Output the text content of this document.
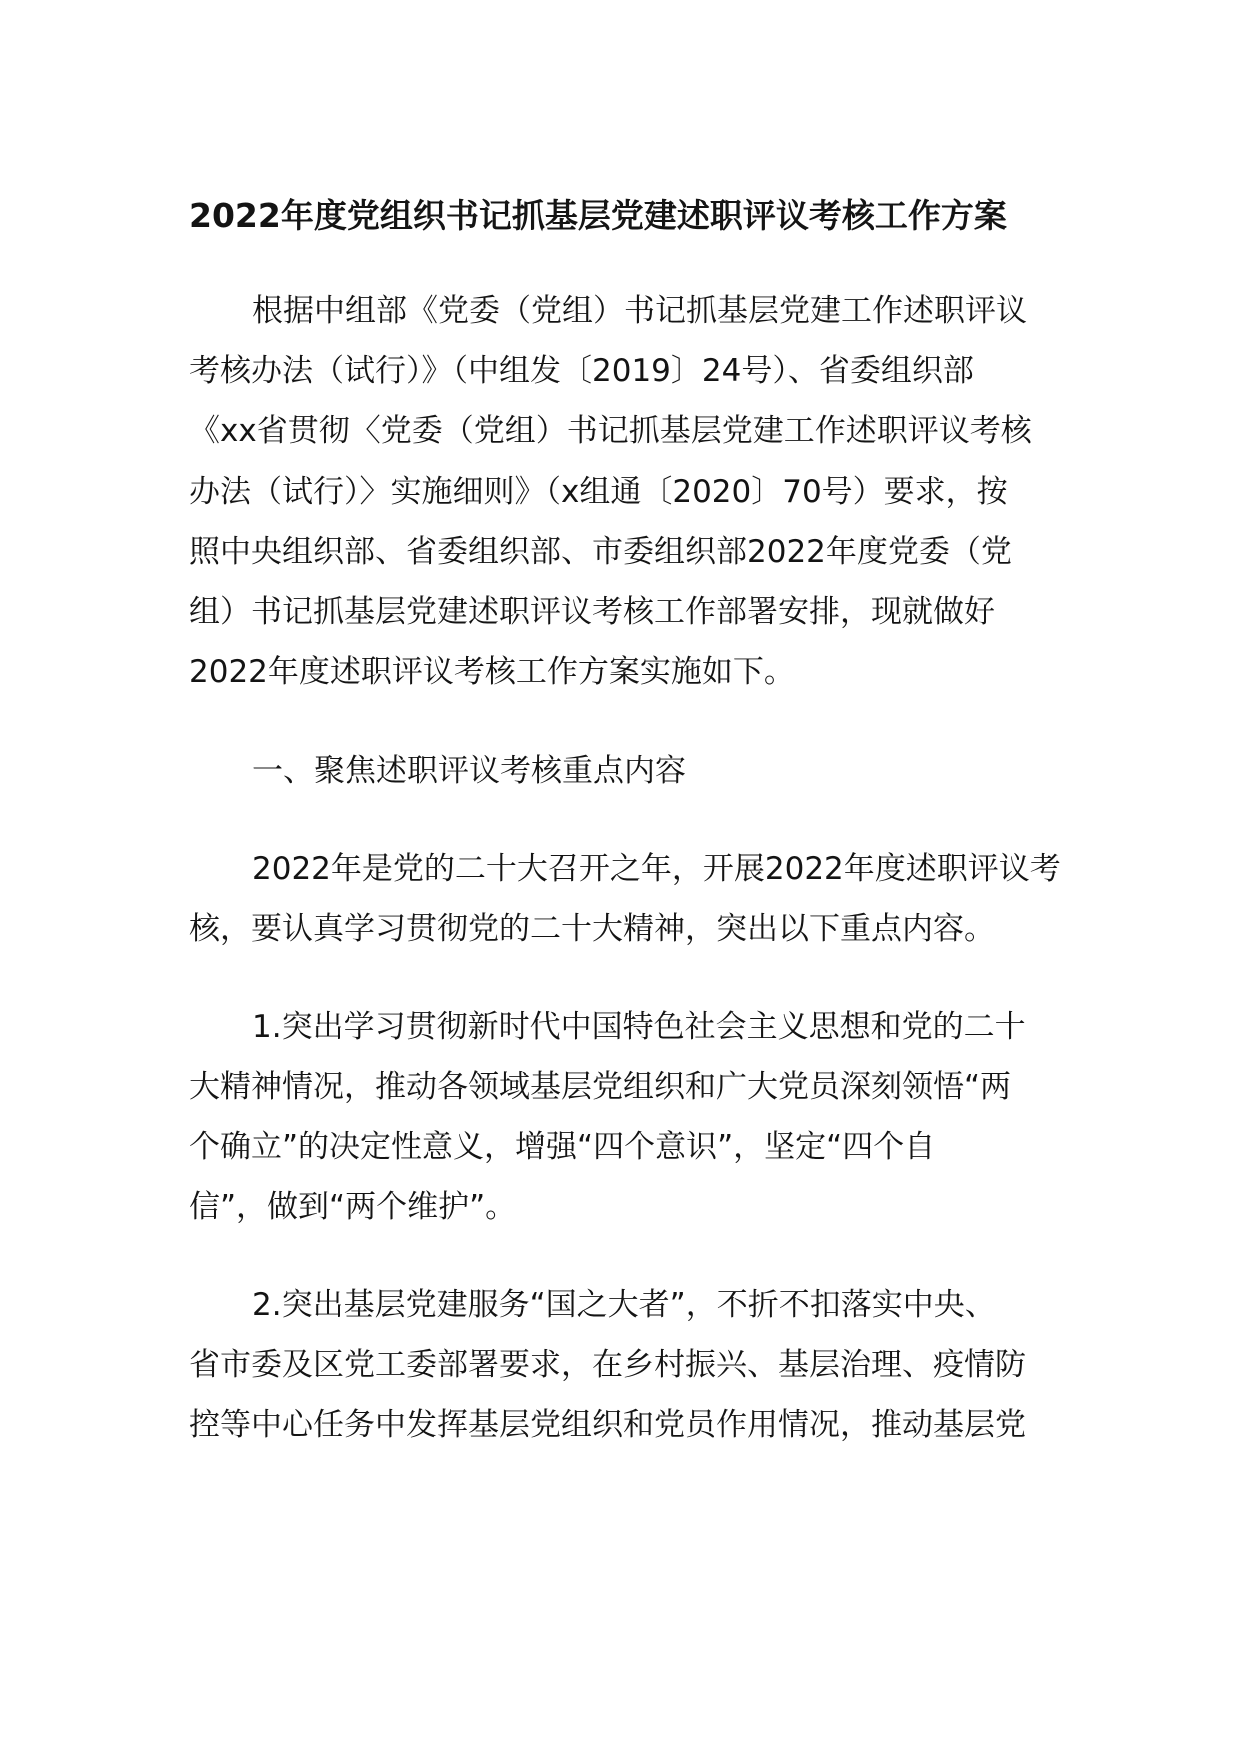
2022年度党组织书记抓基层党建述职评议考核工作方案

根据中组部《党委（党组）书记抓基层党建工作述职评议

考核办法（试行）》（中组发〔2019〕24号）、省委组织部

《xx省贯彻〈党委（党组）书记抓基层党建工作述职评议考核

办法（试行）〉实施细则》（x组通〔2020〕70号）要求，按

照中央组织部、省委组织部、市委组织部2022年度党委（党

组）书记抓基层党建述职评议考核工作部署安排，现就做好

2022年度述职评议考核工作方案实施如下。

一、聚焦述职评议考核重点内容

2022年是党的二十大召开之年，开展2022年度述职评议考

核，要认真学习贯彻党的二十大精神，突出以下重点内容。

1.突出学习贯彻新时代中国特色社会主义思想和党的二十

大精神情况，推动各领域基层党组织和广大党员深刻领悟“两

个确立”的决定性意义，增强“四个意识”，坚定“四个自

信”，做到“两个维护”。

2.突出基层党建服务“国之大者”，不折不扣落实中央、

省市委及区党工委部署要求，在乡村振兴、基层治理、疫情防

控等中心任务中发挥基层党组织和党员作用情况，推动基层党
